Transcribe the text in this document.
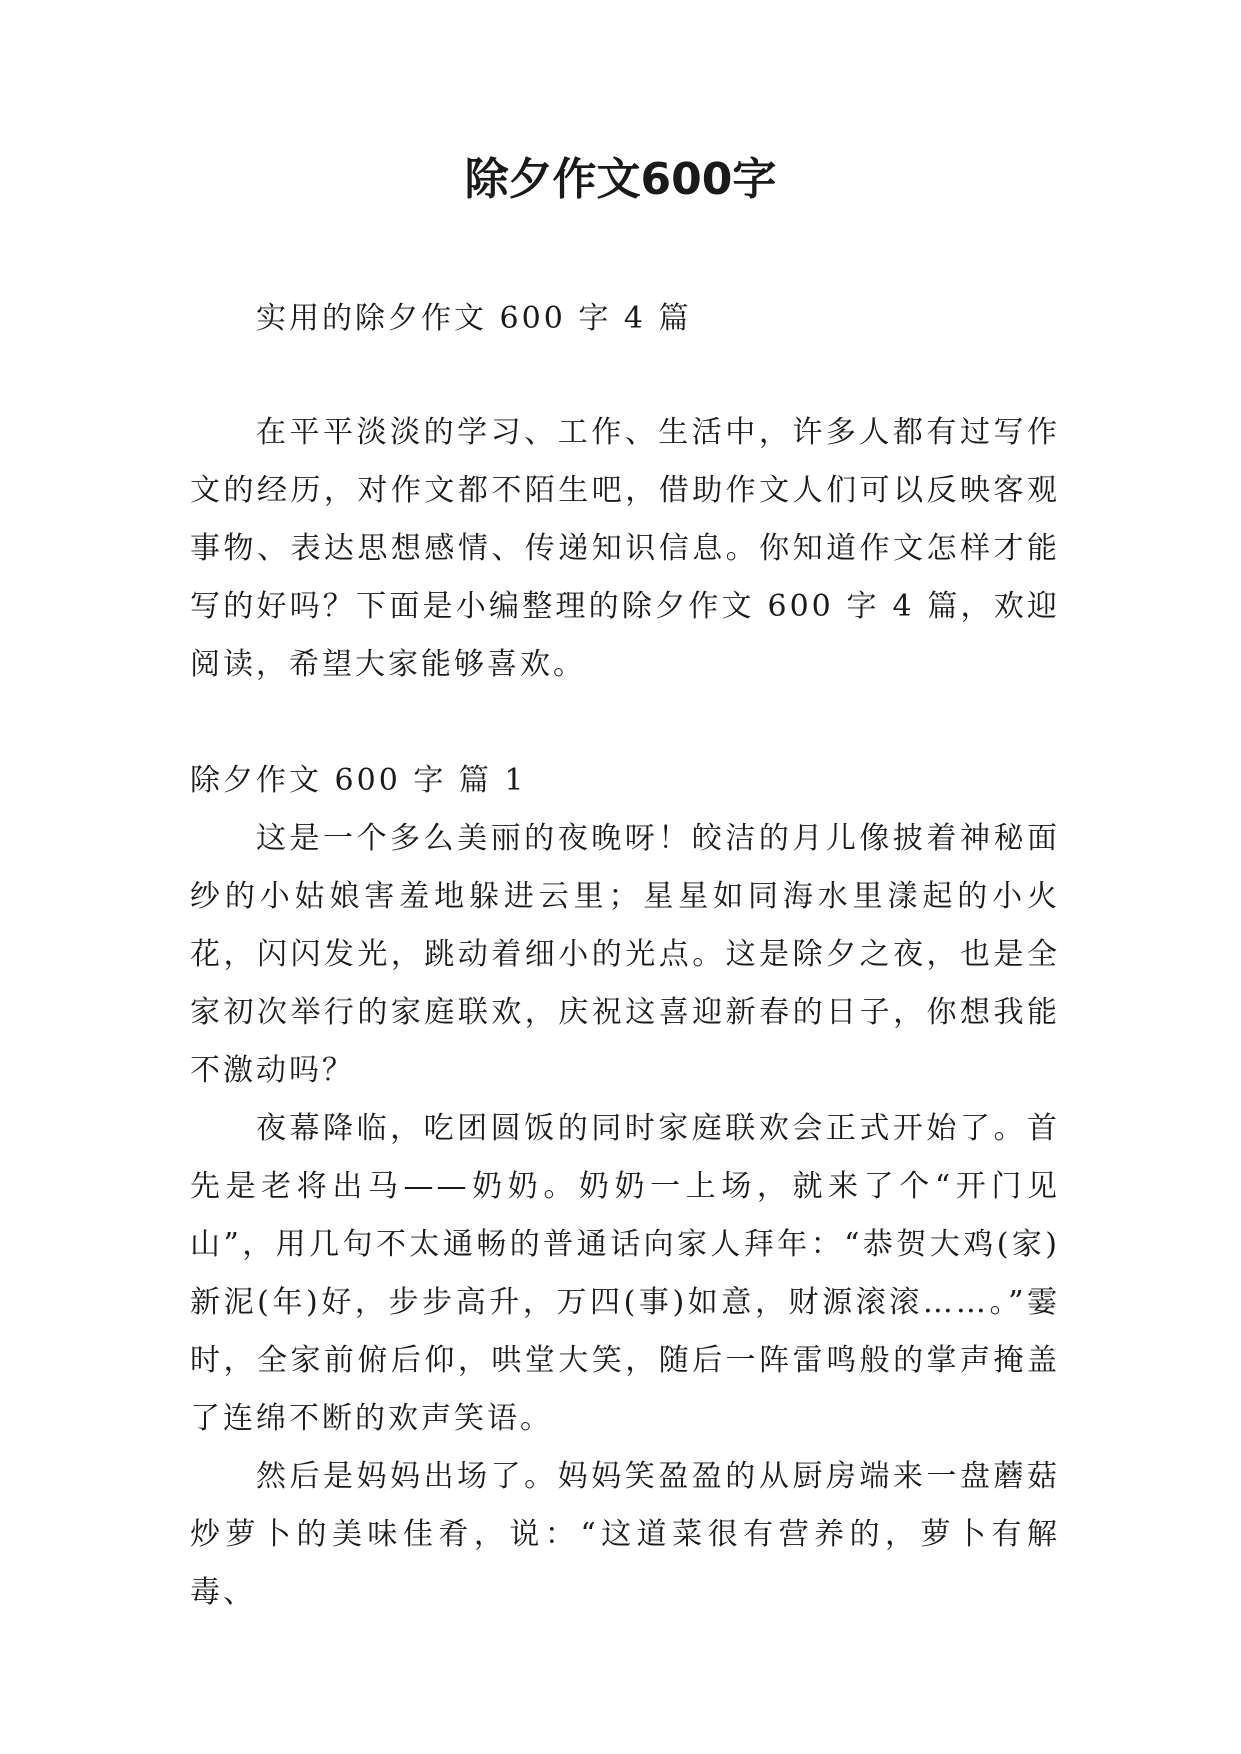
除夕作文600字

实用的除夕作文 600 字 4 篇

在平平淡淡的学习、工作、生活中，许多人都有过写作文的经历，对作文都不陌生吧，借助作文人们可以反映客观事物、表达思想感情、传递知识信息。你知道作文怎样才能写的好吗？下面是小编整理的除夕作文 600 字 4 篇，欢迎阅读，希望大家能够喜欢。

除夕作文 600 字 篇 1

这是一个多么美丽的夜晚呀！皎洁的月儿像披着神秘面纱的小姑娘害羞地躲进云里；星星如同海水里漾起的小火花，闪闪发光，跳动着细小的光点。这是除夕之夜，也是全家初次举行的家庭联欢，庆祝这喜迎新春的日子，你想我能不激动吗？

夜幕降临，吃团圆饭的同时家庭联欢会正式开始了。首先是老将出马——奶奶。奶奶一上场，就来了个“开门见山”，用几句不太通畅的普通话向家人拜年：“恭贺大鸡(家)新泥(年)好，步步高升，万四(事)如意，财源滚滚……。”霎时，全家前俯后仰，哄堂大笑，随后一阵雷鸣般的掌声掩盖了连绵不断的欢声笑语。

然后是妈妈出场了。妈妈笑盈盈的从厨房端来一盘蘑菇炒萝卜的美味佳肴，说：“这道菜很有营养的，萝卜有解毒、
